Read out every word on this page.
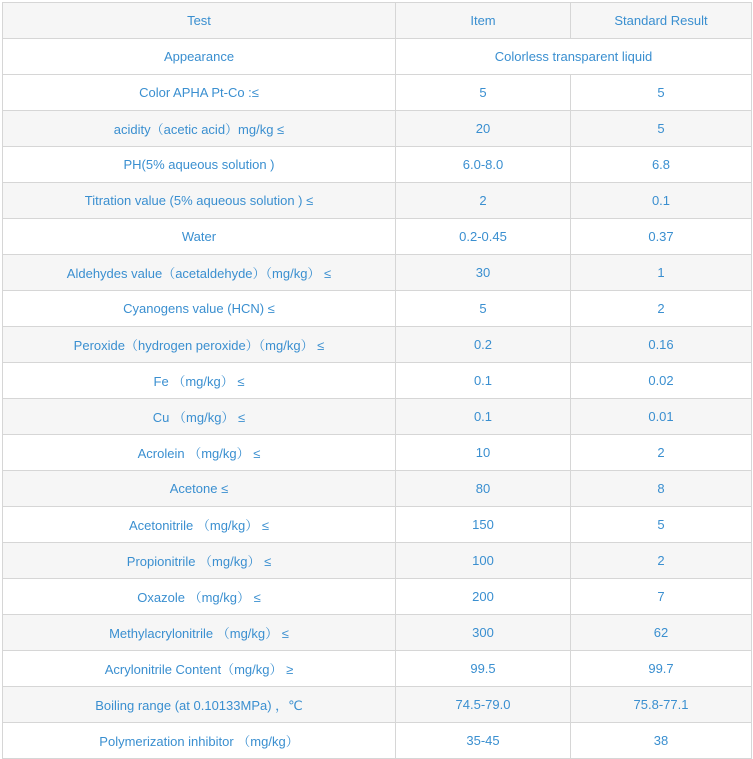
Test	Item	Standard Result
Appearance	Colorless transparent liquid	
Color APHA Pt-Co :≤	5	5
acidity（acetic acid）mg/kg ≤	20	5
PH(5% aqueous solution )	6.0-8.0	6.8
Titration value (5% aqueous solution ) ≤	2	0.1
Water	0.2-0.45	0.37
Aldehydes value（acetaldehyde）（mg/kg） ≤	30	1
Cyanogens value (HCN) ≤	5	2
Peroxide（hydrogen peroxide）（mg/kg） ≤	0.2	0.16
Fe （mg/kg） ≤	0.1	0.02
Cu （mg/kg） ≤	0.1	0.01
Acrolein （mg/kg） ≤	10	2
Acetone ≤	80	8
Acetonitrile （mg/kg） ≤	150	5
Propionitrile （mg/kg） ≤	100	2
Oxazole （mg/kg） ≤	200	7
Methylacrylonitrile （mg/kg） ≤	300	62
Acrylonitrile Content（mg/kg） ≥	99.5	99.7
Boiling range (at 0.10133MPa) ，℃	74.5-79.0	75.8-77.1
Polymerization inhibitor （mg/kg）	35-45	38
